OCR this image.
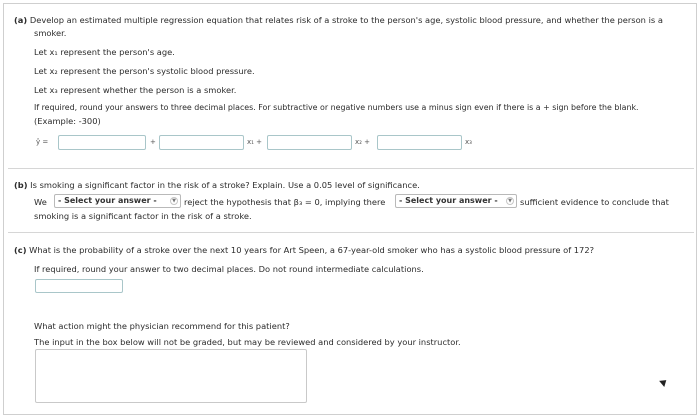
(a) Develop an estimated multiple regression equation that relates risk of a stroke to the person's age, systolic blood pressure, and whether the person is a
smoker.
Let x₁ represent the person's age.
Let x₂ represent the person's systolic blood pressure.
Let x₃ represent whether the person is a smoker.
If required, round your answers to three decimal places. For subtractive or negative numbers use a minus sign even if there is a + sign before the blank.
(Example: -300)
ŷ =	+	x₁ +	x₂ +	x₃
(b) Is smoking a significant factor in the risk of a stroke? Explain. Use a 0.05 level of significance.
We	- Select your answer -	▼ reject the hypothesis that β₃ = 0, implying there	- Select your answer -	▼ sufficient evidence to conclude that
smoking is a significant factor in the risk of a stroke.
(c) What is the probability of a stroke over the next 10 years for Art Speen, a 67-year-old smoker who has a systolic blood pressure of 172?
If required, round your answer to two decimal places. Do not round intermediate calculations.
What action might the physician recommend for this patient?
The input in the box below will not be graded, but may be reviewed and considered by your instructor.
